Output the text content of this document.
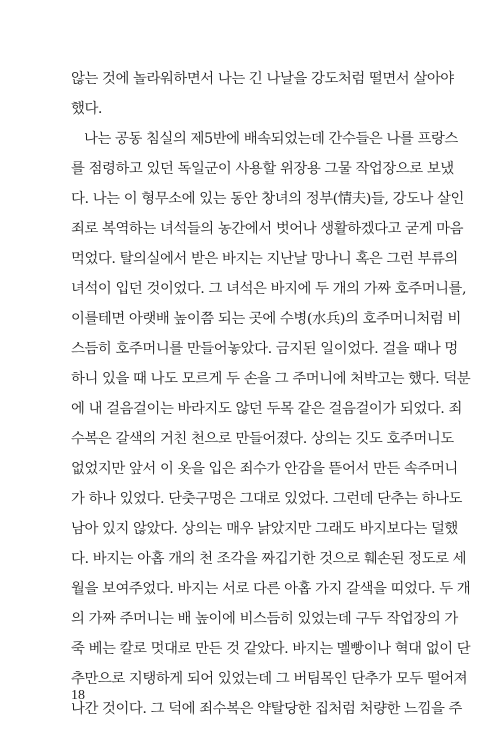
않는 것에 놀라워하면서 나는 긴 나날을 강도처럼 떨면서 살아야
했다.
나는 공동 침실의 제5반에 배속되었는데 간수들은 나를 프랑스
를 점령하고 있던 독일군이 사용할 위장용 그물 작업장으로 보냈
다. 나는 이 형무소에 있는 동안 창녀의 정부(情夫)들, 강도나 살인
죄로 복역하는 녀석들의 농간에서 벗어나 생활하겠다고 굳게 마음
먹었다. 탈의실에서 받은 바지는 지난날 망나니 혹은 그런 부류의
녀석이 입던 것이었다. 그 녀석은 바지에 두 개의 가짜 호주머니를,
이를테면 아랫배 높이쯤 되는 곳에 수병(水兵)의 호주머니처럼 비
스듬히 호주머니를 만들어놓았다. 금지된 일이었다. 걸을 때나 멍
하니 있을 때 나도 모르게 두 손을 그 주머니에 처박고는 했다. 덕분
에 내 걸음걸이는 바라지도 않던 두목 같은 걸음걸이가 되었다. 죄
수복은 갈색의 거친 천으로 만들어졌다. 상의는 깃도 호주머니도
없었지만 앞서 이 옷을 입은 죄수가 안감을 뜯어서 만든 속주머니
가 하나 있었다. 단춧구멍은 그대로 있었다. 그런데 단추는 하나도
남아 있지 않았다. 상의는 매우 낡았지만 그래도 바지보다는 덜했
다. 바지는 아홉 개의 천 조각을 짜깁기한 것으로 훼손된 정도로 세
월을 보여주었다. 바지는 서로 다른 아홉 가지 갈색을 띠었다. 두 개
의 가짜 주머니는 배 높이에 비스듬히 있었는데 구두 작업장의 가
죽 베는 칼로 멋대로 만든 것 같았다. 바지는 멜빵이나 혁대 없이 단
추만으로 지탱하게 되어 있었는데 그 버팀목인 단추가 모두 떨어져
나간 것이다. 그 덕에 죄수복은 약탈당한 집처럼 처량한 느낌을 주
18
